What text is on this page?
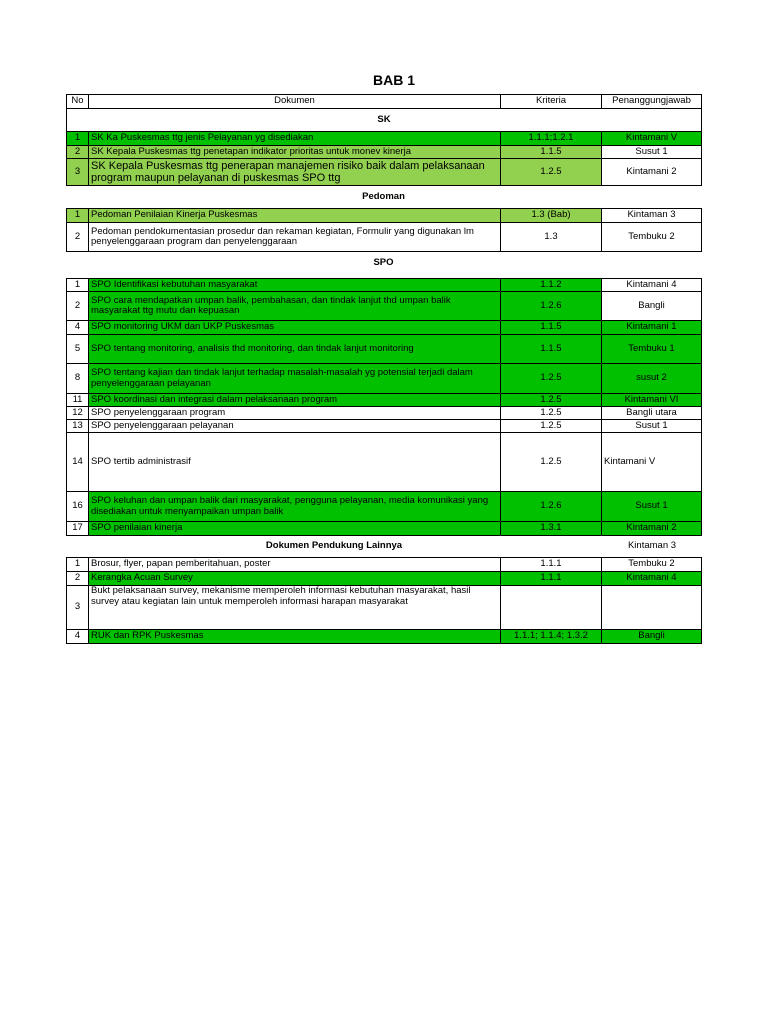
BAB 1
No	Dokumen	Kriteria	Penanggungjawab
SK			
1	SK Ka Puskesmas ttg jenis Pelayanan yg disediakan	1.1.1;1.2.1	Kintamani V
2	SK Kepala Puskesmas ttg penetapan indikator prioritas untuk monev kinerja	1.1.5	Susut 1
3	SK Kepala Puskesmas ttg penerapan manajemen risiko baik dalam pelaksanaan program maupun pelayanan di puskesmas SPO ttg	1.2.5	Kintamani 2
Pedoman
1	Pedoman Penilaian Kinerja Puskesmas	1.3 (Bab)	Kintaman 3
2	Pedoman pendokumentasian prosedur dan rekaman kegiatan, Formulir yang digunakan lm penyelenggaraan program dan penyelenggaraan	1.3	Tembuku 2
SPO
1	SPO Identifikasi kebutuhan masyarakat	1.1.2	Kintamani 4
2	SPO cara mendapatkan umpan balik, pembahasan, dan tindak lanjut thd umpan balik masyarakat ttg mutu dan kepuasan	1.2.6	Bangli
4	SPO monitoring UKM dan UKP Puskesmas	1.1.5	Kintamani 1
5	SPO tentang monitoring, analisis thd monitoring, dan tindak lanjut monitoring	1.1.5	Tembuku 1
8	SPO tentang kajian dan tindak lanjut terhadap masalah-masalah yg potensial terjadi dalam penyelenggaraan pelayanan	1.2.5	susut 2
11	SPO koordinasi dan integrasi dalam pelaksanaan program	1.2.5	Kintamani VI
12	SPO penyelenggaraan program	1.2.5	Bangli utara
13	SPO penyelenggaraan pelayanan	1.2.5	Susut 1
14	SPO tertib administrasif	1.2.5	Kintamani V
16	SPO keluhan dan umpan balik dari masyarakat, pengguna pelayanan, media komunikasi yang disediakan untuk menyampaikan umpan balik	1.2.6	Susut 1
17	SPO penilaian kinerja	1.3.1	Kintamani 2
Dokumen Pendukung Lainnya	Kintaman 3
1	Brosur, flyer, papan pemberitahuan, poster	1.1.1	Tembuku 2
2	Kerangka Acuan Survey	1.1.1	Kintamani 4
3	Bukt pelaksanaan survey, mekanisme memperoleh informasi kebutuhan masyarakat, hasil survey atau kegiatan lain untuk memperoleh informasi harapan masyarakat		
4	RUK dan RPK Puskesmas	1.1.1; 1.1.4; 1.3.2	Bangli
